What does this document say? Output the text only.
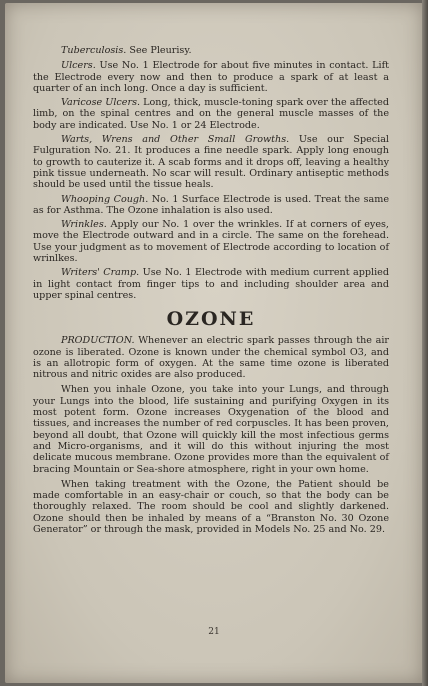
Tuberculosis. See Pleurisy.

Ulcers. Use No. 1 Electrode for about five minutes in contact. Lift the Electrode every now and then to produce a spark of at least a quarter of an inch long. Once a day is sufficient.

Varicose Ulcers. Long, thick, muscle-toning spark over the affected limb, on the spinal centres and on the general muscle masses of the body are indicated. Use No. 1 or 24 Electrode.

Warts, Wrens and Other Small Growths. Use our Special Fulguration No. 21. It produces a fine needle spark. Apply long enough to growth to cauterize it. A scab forms and it drops off, leaving a healthy pink tissue underneath. No scar will result. Ordinary antiseptic methods should be used until the tissue heals.

Whooping Cough. No. 1 Surface Electrode is used. Treat the same as for Asthma. The Ozone inhalation is also used.

Wrinkles. Apply our No. 1 over the wrinkles. If at corners of eyes, move the Electrode outward and in a circle. The same on the forehead. Use your judgment as to movement of Electrode according to location of wrinlkes.

Writers' Cramp. Use No. 1 Electrode with medium current applied in light contact from finger tips to and including shoulder area and upper spinal centres.

OZONE

PRODUCTION. Whenever an electric spark passes through the air ozone is liberated. Ozone is known under the chemical symbol O3, and is an allotropic form of oxygen. At the same time ozone is liberated nitrous and nitric oxides are also produced.

When you inhale Ozone, you take into your Lungs, and through your Lungs into the blood, life sustaining and purifying Oxygen in its most potent form. Ozone increases Oxygenation of the blood and tissues, and increases the number of red corpuscles. It has been proven, beyond all doubt, that Ozone will quickly kill the most infectious germs and Micro-organisms, and it will do this without injuring the most delicate mucous membrane. Ozone provides more than the equivalent of bracing Mountain or Sea-shore atmosphere, right in your own home.

When taking treatment with the Ozone, the Patient should be made comfortable in an easy-chair or couch, so that the body can be thoroughly relaxed. The room should be cool and slightly darkened. Ozone should then be inhaled by means of a “Branston No. 30 Ozone Generator” or through the mask, provided in Models No. 25 and No. 29.

21
